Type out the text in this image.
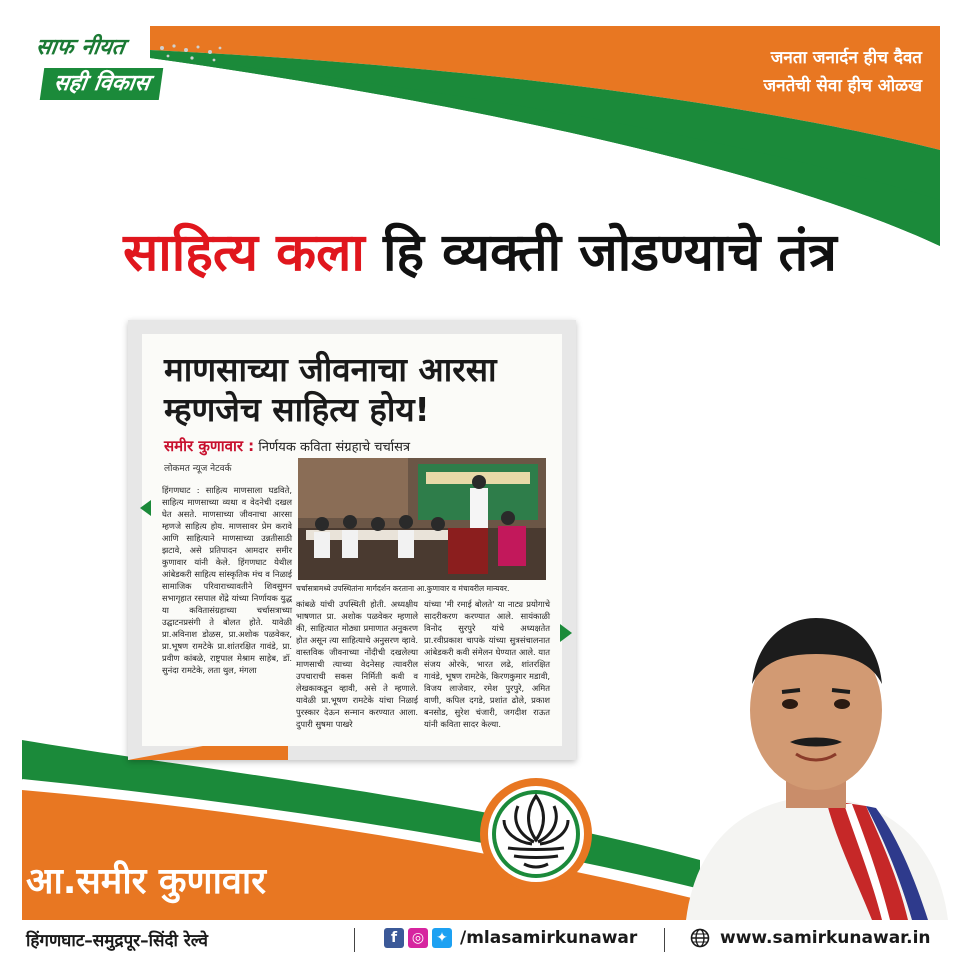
साफ नीयत
सही विकास
जनता जनार्दन हीच दैवत
जनतेची सेवा हीच ओळख
साहित्य कला हि व्यक्ती जोडण्याचे तंत्र
माणसाच्या जीवनाचा आरसा
म्हणजेच साहित्य होय!
समीर कुणावार : निर्णयक कविता संग्रहाचे चर्चासत्र
लोकमत न्यूज नेटवर्क
हिंगणघाट : साहित्य माणसाला घडविते, साहित्य माणसाच्या व्यथा व वेदनेची दखल घेत असते. माणसाच्या जीवनाचा आरसा म्हणजे साहित्य होय. माणसावर प्रेम करावे आणि साहित्याने माणसाच्या उन्नतीसाठी झटावे, असे प्रतिपादन आमदार समीर कुणावार यांनी केले. हिंगणघाट येथील आंबेडकरी साहित्य सांस्कृतिक मंच व निळाई सामाजिक परिवाराच्यावतीने शिवसुमन सभागृहात रसपाल शेंद्रे यांच्या निर्णायक युद्ध या कवितासंग्रहाच्या चर्चासत्राच्या उद्घाटनप्रसंगी ते बोलत होते. यावेळी प्रा.अविनाश डोळस, प्रा.अशोक पळवेकर, प्रा.भूषण रामटेके प्रा.शांतरक्षित गावंडे, प्रा. प्रवीण कांबळे, राष्ट्रपाल मेश्राम साहेब, डॉ. सुनंदा रामटेके, लता थुल, मंगला
चर्चासत्रामध्ये उपस्थितांना मार्गदर्शन करताना आ.कुणावार व मंचावरील मान्यवर.
कांबळे यांची उपस्थिती होती. अध्यक्षीय भाषणात प्रा. अशोक पळवेकर म्हणाले की, साहित्यात मोठ्या प्रमाणात अनुकरण होत असून त्या साहित्याचे अनुसरण व्हावे. वास्तविक जीवनाच्या नोंदीची दखलेल्या माणसाची त्याच्या वेदनेसह त्यावरील उपचाराची सकस निर्मिती कवी व लेखकाकडून व्हावी, असे ते म्हणाले. यावेळी प्रा.भूषण रामटेके यांचा निळाई पुरस्कार देऊन सन्मान करण्यात आला. दुपारी सुषमा पाखरे
यांच्या 'मी रमाई बोलते' या नाट्य प्रयोगाचे सादरीकरण करण्यात आले. सायंकाळी विनोद सुरपुरे यांचे अध्यक्षतेत प्रा.रवीप्रकाश चापके यांच्या सुत्रसंचालनात आंबेडकरी कवी संमेलन घेण्यात आले. यात संजय ओरके, भारत लढे, शांतरक्षित गावंडे, भूषण रामटेके, किरणकुमार मडावी, विजय लाजेवार, रमेश पुरपुरे, अमित वाणी, कपिल दगडे, प्रशांत ढोले, प्रकाश बनसोड, सुरेश चंजारी, जगदीश राऊत यांनी कविता सादर केल्या.
आ.समीर कुणावार
हिंगणघाट–समुद्रपूर–सिंदी रेल्वे	f	◎ ✦ /mlasamirkunawar	www.samirkunawar.in
